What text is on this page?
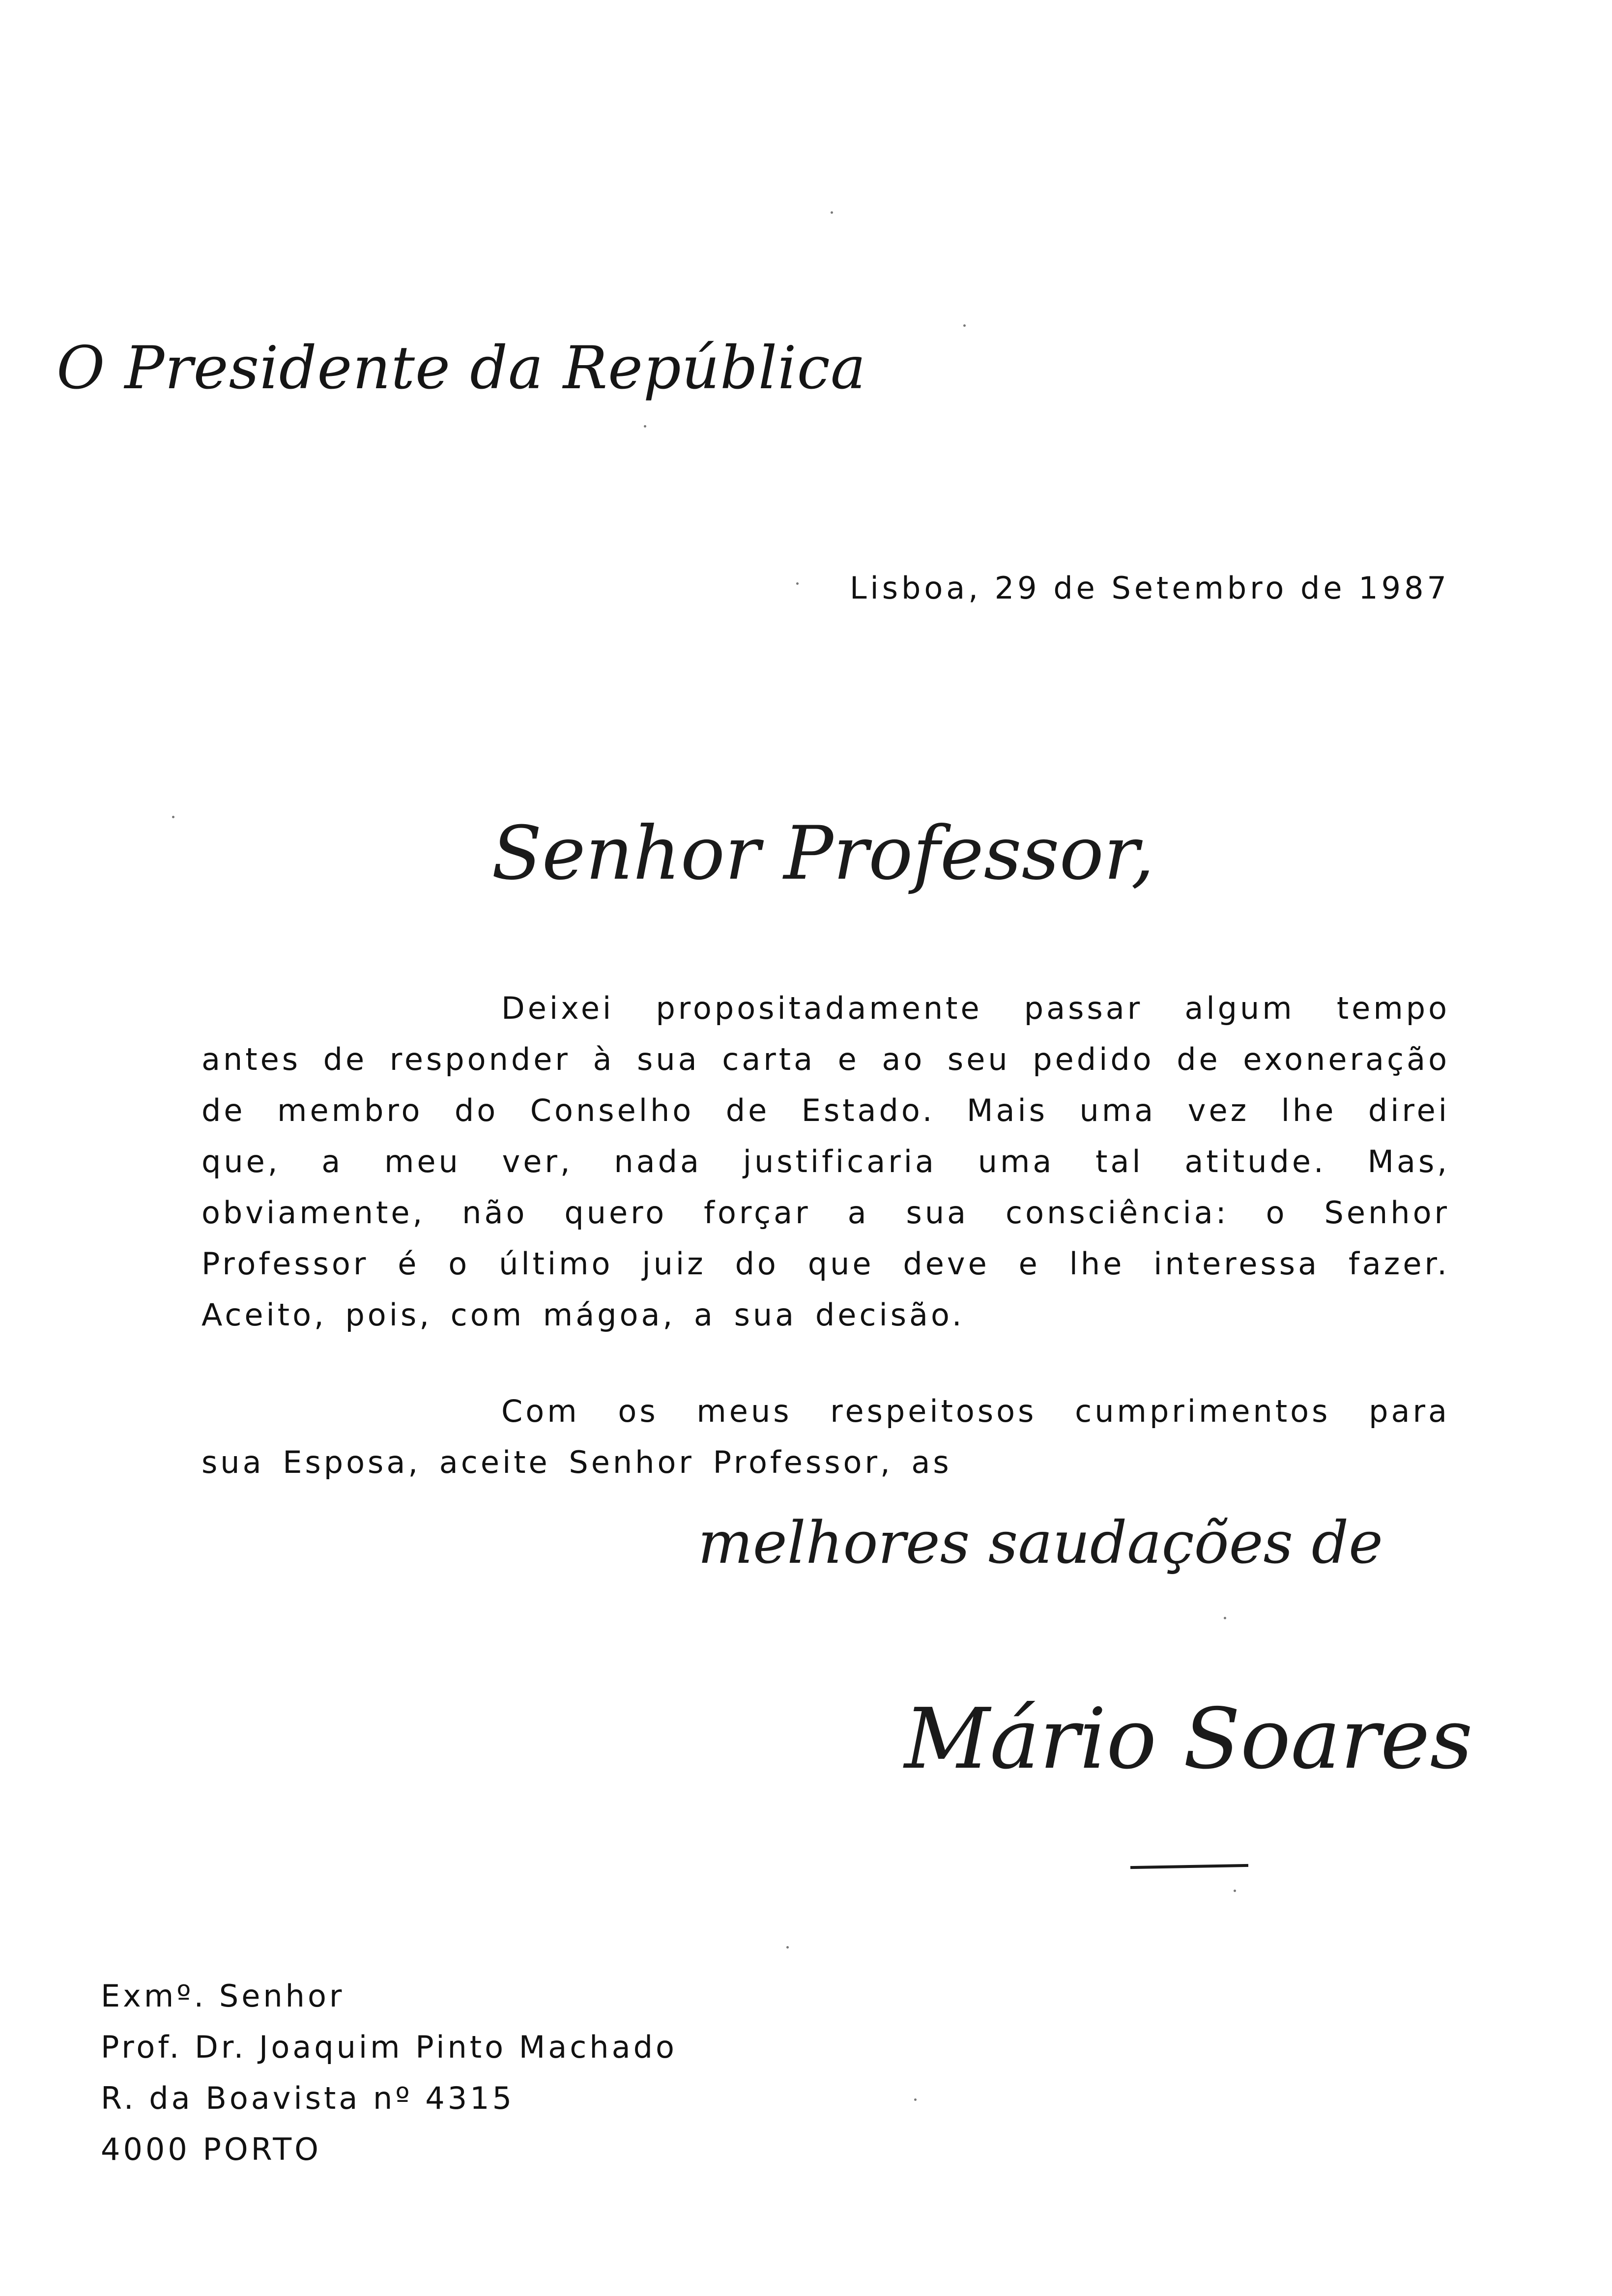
O Presidente da República
Lisboa, 29 de Setembro de 1987
Senhor Professor,
Deixei propositadamente passar algum tempo
antes de responder à sua carta e ao seu pedido de exoneração
de membro do Conselho de Estado. Mais uma vez lhe direi
que, a meu ver, nada justificaria uma tal atitude. Mas,
obviamente, não quero forçar a sua consciência: o Senhor
Professor é o último juiz do que deve e lhe interessa fazer.
Aceito, pois, com mágoa, a sua decisão.
Com os meus respeitosos cumprimentos para
sua Esposa, aceite Senhor Professor, as
melhores saudações de
Mário Soares
Exmº. Senhor
Prof. Dr. Joaquim Pinto Machado
R. da Boavista nº 4315
4000 PORTO
